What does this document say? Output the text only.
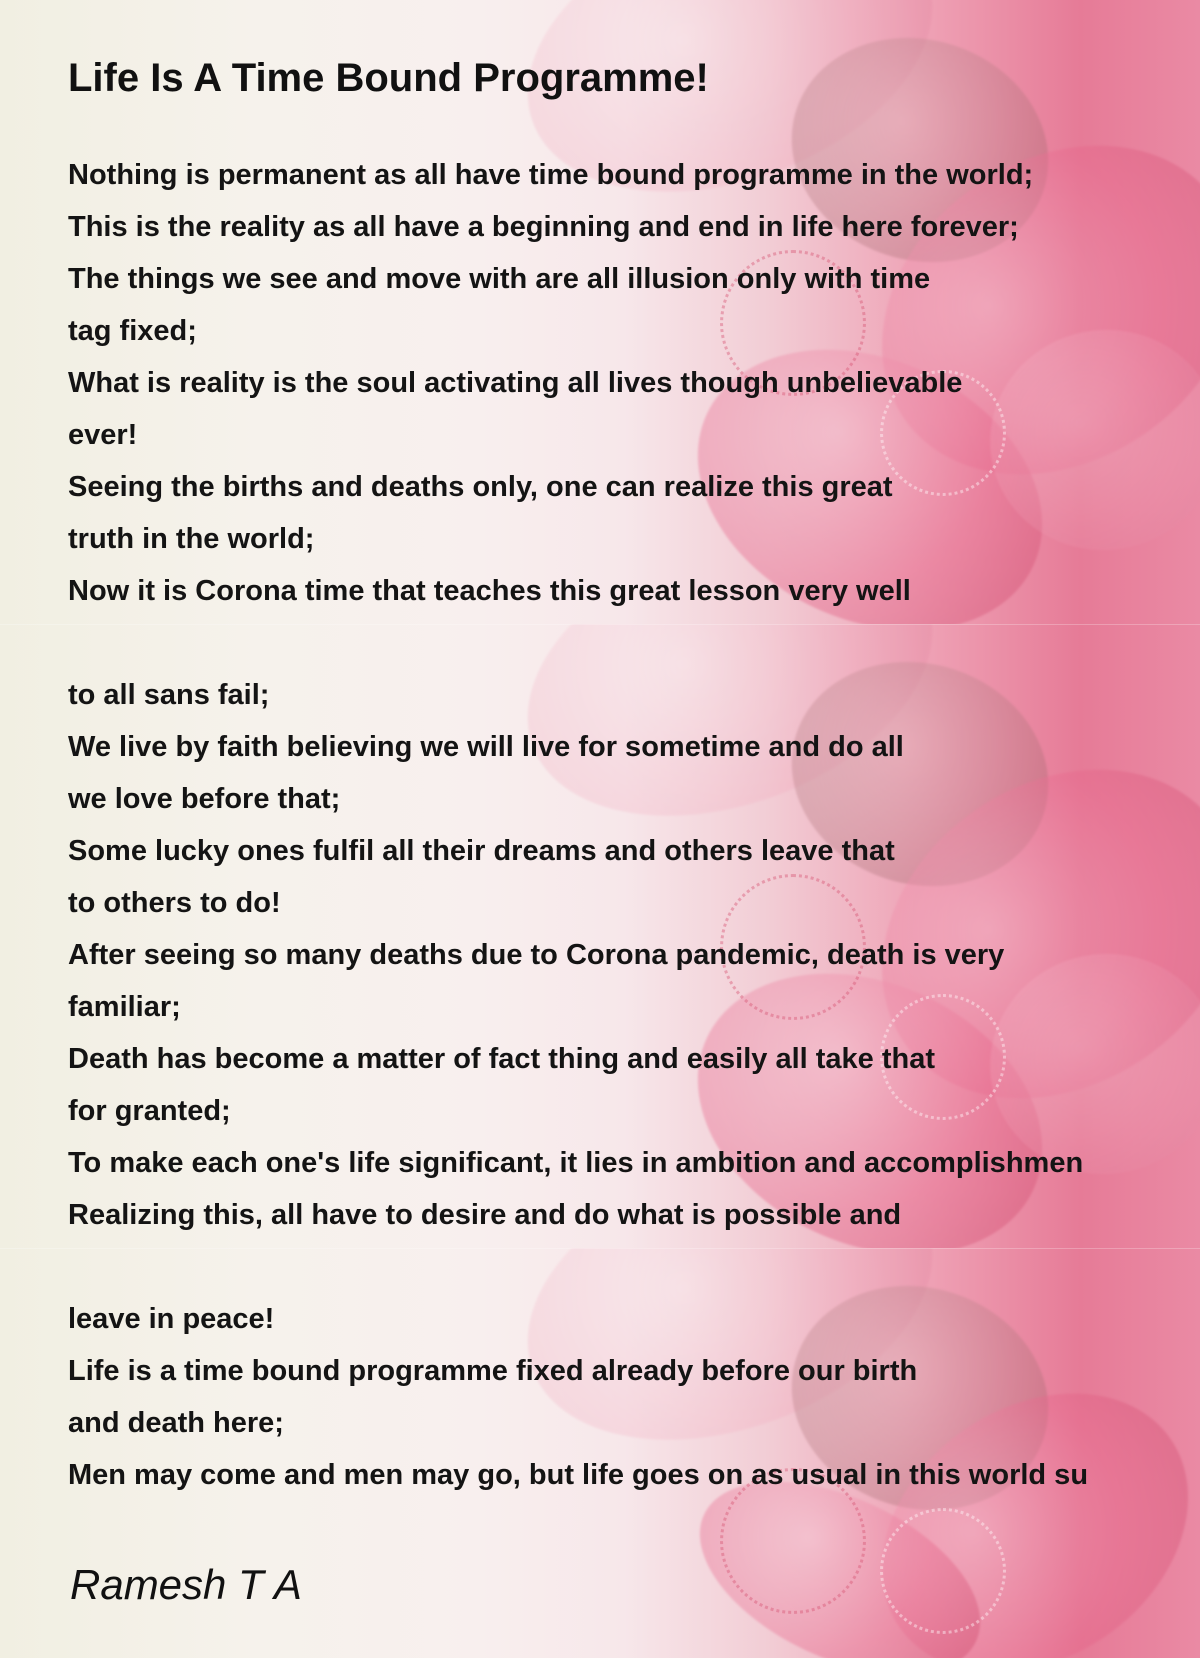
Life Is A Time Bound Programme!

Nothing is permanent as all have time bound programme in the world;

This is the reality as all have a beginning and end in life here forever;

The things we see and move with are all illusion only with time

tag fixed;

What is reality is the soul activating all lives though unbelievable

ever!

Seeing the births and deaths only, one can realize this great

truth in the world;

Now it is Corona time that teaches this great lesson very well

to all sans fail;

We live by faith believing we will live for sometime and do all

we love before that;

Some lucky ones fulfil all their dreams and others leave that

to others to do!

After seeing so many deaths due to Corona pandemic, death is very

familiar;

Death has become a matter of fact thing and easily all take that

for granted;

To make each one's life significant, it lies in ambition and accomplishmen

Realizing this, all have to desire and do what is possible and

leave in peace!

Life is a time bound programme fixed already before our birth

and death here;

Men may come and men may go, but life goes on as usual in this world su

Ramesh T A
